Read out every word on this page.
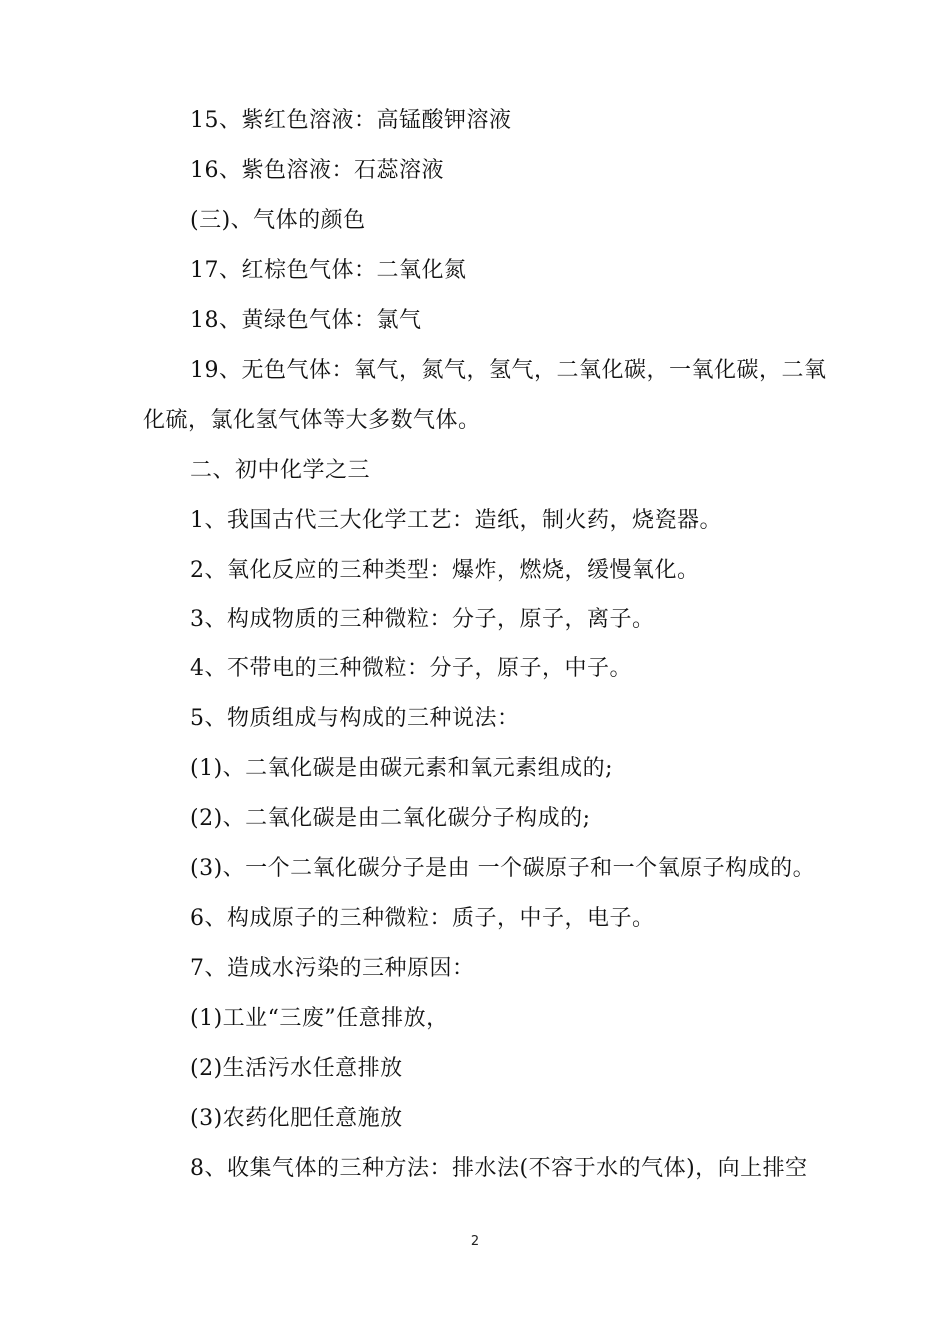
15、紫红色溶液：高锰酸钾溶液
16、紫色溶液：石蕊溶液
(三)、气体的颜色
17、红棕色气体：二氧化氮
18、黄绿色气体：氯气
19、无色气体：氧气，氮气，氢气，二氧化碳，一氧化碳，二氧
化硫，氯化氢气体等大多数气体。
二、初中化学之三
1、我国古代三大化学工艺：造纸，制火药，烧瓷器。
2、氧化反应的三种类型：爆炸，燃烧，缓慢氧化。
3、构成物质的三种微粒：分子，原子，离子。
4、不带电的三种微粒：分子，原子，中子。
5、物质组成与构成的三种说法：
(1)、二氧化碳是由碳元素和氧元素组成的;
(2)、二氧化碳是由二氧化碳分子构成的;
(3)、一个二氧化碳分子是由 一个碳原子和一个氧原子构成的。
6、构成原子的三种微粒：质子，中子，电子。
7、造成水污染的三种原因：
(1)工业“三废”任意排放，
(2)生活污水任意排放
(3)农药化肥任意施放
8、收集气体的三种方法：排水法(不容于水的气体)，向上排空
2
